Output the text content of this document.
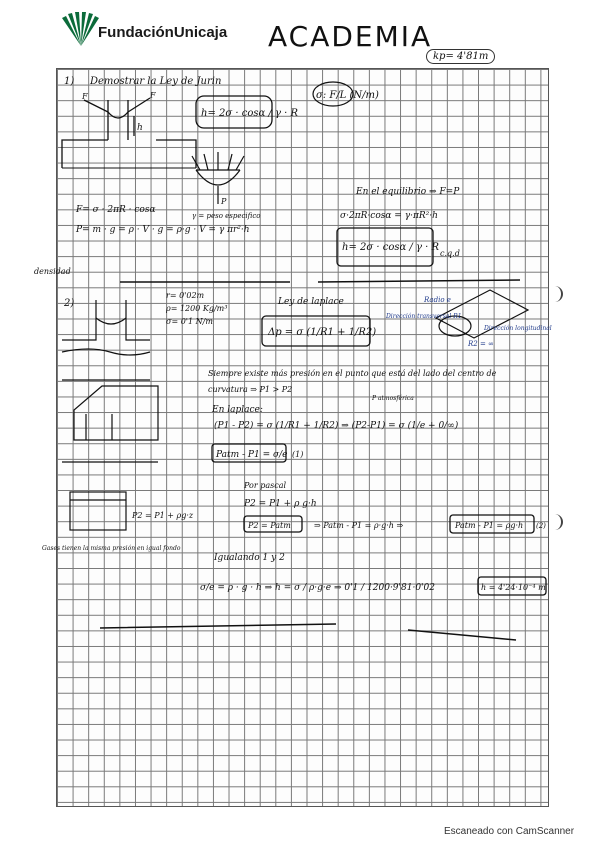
FundaciónUnicaja ACADEMIA
kp= 4'81m
1) Demostrar la Ley de Jurin
h
F	F
h= 2σ · cosα / γ · R
σ: F/L (N/m)
P
F= σ · 2πR · cosα
P= m · g = ρ · V · g = ρ·g · V = γ πr²·h
densidad
γ = peso especifico
En el equilibrio ⇒ F=P
σ·2πR·cosα = γ·πR²·h
h= 2σ · cosα / γ · R
c.q.d
2)
r= 0'02m
ρ= 1200 Kg/m³
σ= 0'1 N/m
Ley de laplace
Δp = σ (1/R1 + 1/R2)
Radio e
Dirección transversal R1
Dirección longitudinal
R2 = ∞
Siempre existe más presión en el punto que está del lado del centro de
curvatura ⇒ P1 > P2
En laplace:
P atmosférica
(P1 - P2) = σ (1/R1 + 1/R2) ⇒ (P2-P1) = σ (1/e + 0/∞)
Patm - P1 = σ/e (1)
Por pascal
P2 = P1 + ρ g·h
P2 = Patm	⇒ Patm - P1 = ρ·g·h ⇒	Patm - P1 = ρg·h (2)
P2 = P1 + ρg·z
Gases tienen la misma presión en igual fondo
Igualando 1 y 2
σ/e = ρ · g · h ⇒ h = σ / ρ·g·e ⇒ 0'1 / 1200·9'81·0'02	h = 4'24·10⁻⁴ m
Escaneado con CamScanner
